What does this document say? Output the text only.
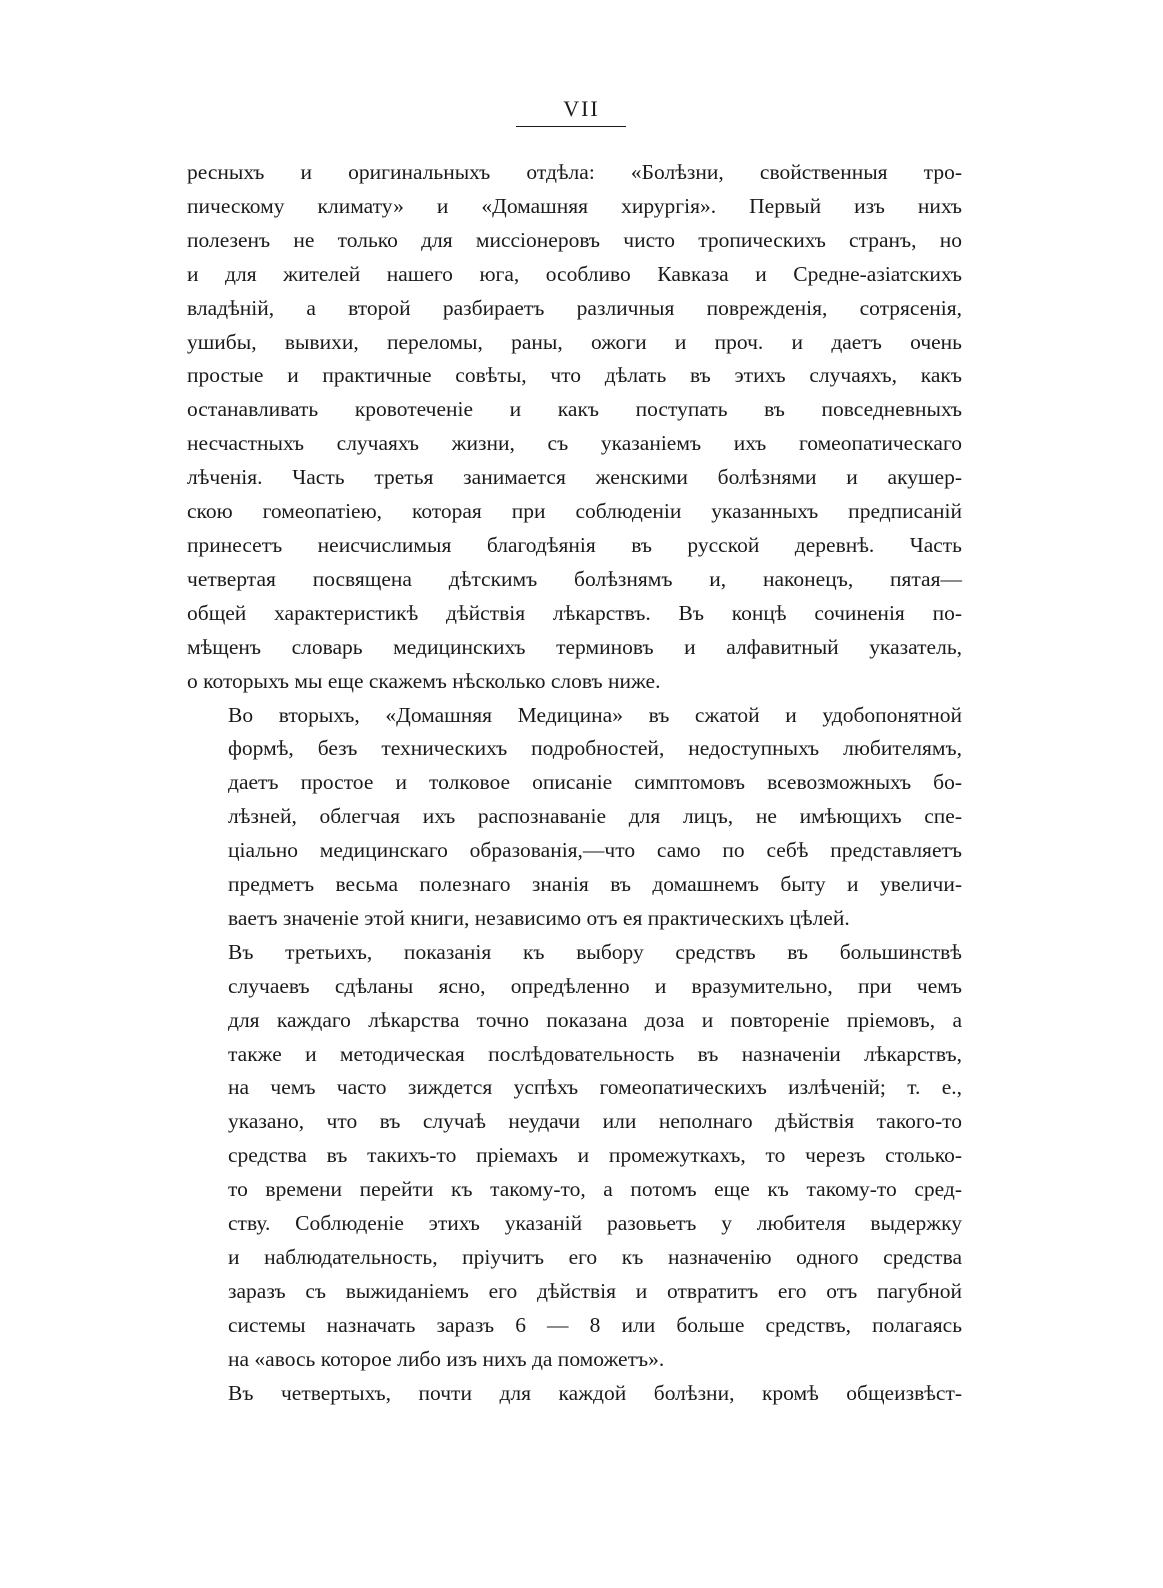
VII
ресныхъ и оригинальныхъ отдѣла: «Болѣзни, свойственныя тро-
пическому климату» и «Домашняя хирургія». Первый изъ нихъ
полезенъ не только для миссіонеровъ чисто тропическихъ странъ, но
и для жителей нашего юга, особливо Кавказа и Средне-азіатскихъ
владѣній, а второй разбираетъ различныя поврежденія, сотрясенія,
ушибы, вывихи, переломы, раны, ожоги и проч. и даетъ очень
простые и практичные совѣты, что дѣлать въ этихъ случаяхъ, какъ
останавливать кровотеченіе и какъ поступать въ повседневныхъ
несчастныхъ случаяхъ жизни, съ указаніемъ ихъ гомеопатическаго
лѣченія. Часть третья занимается женскими болѣзнями и акушер-
скою гомеопатіею, которая при соблюденіи указанныхъ предписаній
принесетъ неисчислимыя благодѣянія въ русской деревнѣ. Часть
четвертая посвящена дѣтскимъ болѣзнямъ и, наконецъ, пятая—
общей характеристикѣ дѣйствія лѣкарствъ. Въ концѣ сочиненія по-
мѣщенъ словарь медицинскихъ терминовъ и алфавитный указатель,
о которыхъ мы еще скажемъ нѣсколько словъ ниже.
Во вторыхъ, «Домашняя Медицина» въ сжатой и удобопонятной
формѣ, безъ техническихъ подробностей, недоступныхъ любителямъ,
даетъ простое и толковое описаніе симптомовъ всевозможныхъ бо-
лѣзней, облегчая ихъ распознаваніе для лицъ, не имѣющихъ спе-
ціально медицинскаго образованія,—что само по себѣ представляетъ
предметъ весьма полезнаго знанія въ домашнемъ быту и увеличи-
ваетъ значеніе этой книги, независимо отъ ея практическихъ цѣлей.
Въ третьихъ, показанія къ выбору средствъ въ большинствѣ
случаевъ сдѣланы ясно, опредѣленно и вразумительно, при чемъ
для каждаго лѣкарства точно показана доза и повтореніе пріемовъ, а
также и методическая послѣдовательность въ назначеніи лѣкарствъ,
на чемъ часто зиждется успѣхъ гомеопатическихъ излѣченій; т. е.,
указано, что въ случаѣ неудачи или неполнаго дѣйствія такого-то
средства въ такихъ-то пріемахъ и промежуткахъ, то черезъ столько-
то времени перейти къ такому-то, а потомъ еще къ такому-то сред-
ству. Соблюденіе этихъ указаній разовьетъ у любителя выдержку
и наблюдательность, пріучитъ его къ назначенію одного средства
заразъ съ выжиданіемъ его дѣйствія и отвратитъ его отъ пагубной
системы назначать заразъ 6 — 8 или больше средствъ, полагаясь
на «авось которое либо изъ нихъ да поможетъ».
Въ четвертыхъ, почти для каждой болѣзни, кромѣ общеизвѣст-
